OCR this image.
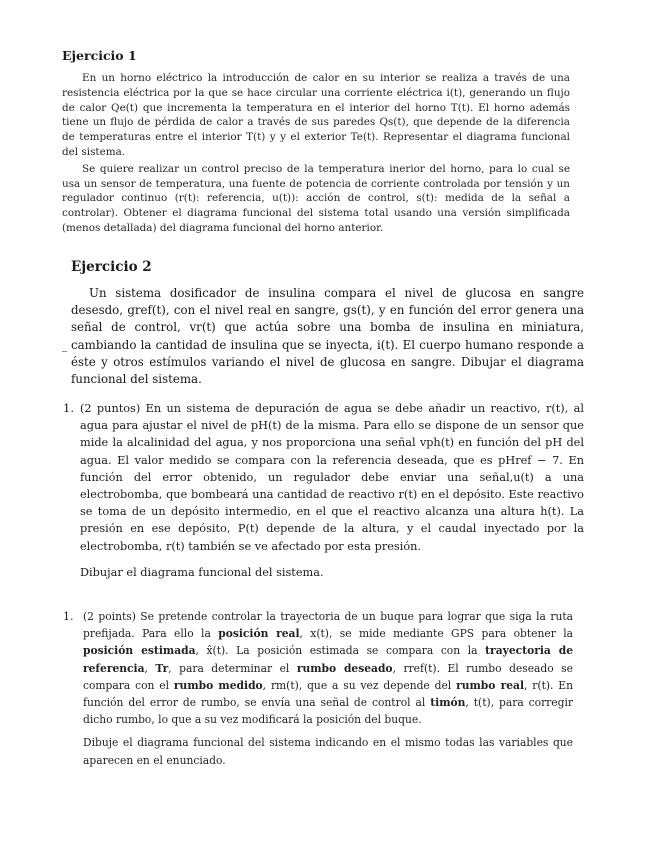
Ejercicio 1

En un horno eléctrico la introducción de calor en su interior se realiza a través de una resistencia eléctrica por la que se hace circular una corriente eléctrica i(t), generando un flujo de calor Qe(t) que incrementa la temperatura en el interior del horno T(t). El horno además tiene un flujo de pérdida de calor a través de sus paredes Qs(t), que depende de la diferencia de temperaturas entre el interior T(t) y y el exterior Te(t). Representar el diagrama funcional del sistema.

Se quiere realizar un control preciso de la temperatura inerior del horno, para lo cual se usa un sensor de temperatura, una fuente de potencia de corriente controlada por tensión y un regulador continuo (r(t): referencia, u(t)): acción de control, s(t): medida de la señal a controlar). Obtener el diagrama funcional del sistema total usando una versión simplificada (menos detallada) del diagrama funcional del horno anterior.

Ejercicio 2

Un sistema dosificador de insulina compara el nivel de glucosa en sangre desesdo, gref(t), con el nivel real en sangre, gs(t), y en función del error genera una señal de control, vr(t) que actúa sobre una bomba de insulina en miniatura, cambiando la cantidad de insulina que se inyecta, i(t). El cuerpo humano responde a éste y otros estímulos variando el nivel de glucosa en sangre. Dibujar el diagrama funcional del sistema.

1. (2 puntos) En un sistema de depuración de agua se debe añadir un reactivo, r(t), al agua para ajustar el nivel de pH(t) de la misma. Para ello se dispone de un sensor que mide la alcalinidad del agua, y nos proporciona una señal vph(t) en función del pH del agua. El valor medido se compara con la referencia deseada, que es pHref − 7. En función del error obtenido, un regulador debe enviar una señal,u(t) a una electrobomba, que bombeará una cantidad de reactivo r(t) en el depósito. Este reactivo se toma de un depósito intermedio, en el que el reactivo alcanza una altura h(t). La presión en ese depósito, P(t) depende de la altura, y el caudal inyectado por la electrobomba, r(t) también se ve afectado por esta presión.

Dibujar el diagrama funcional del sistema.

1. (2 points) Se pretende controlar la trayectoria de un buque para lograr que siga la ruta prefijada. Para ello la posición real, x(t), se mide mediante GPS para obtener la posición estimada, x̂(t). La posición estimada se compara con la trayectoria de referencia, Tr, para determinar el rumbo deseado, rref(t). El rumbo deseado se compara con el rumbo medido, rm(t), que a su vez depende del rumbo real, r(t). En función del error de rumbo, se envía una señal de control al timón, t(t), para corregir dicho rumbo, lo que a su vez modificará la posición del buque.

Dibuje el diagrama funcional del sistema indicando en el mismo todas las variables que aparecen en el enunciado.
